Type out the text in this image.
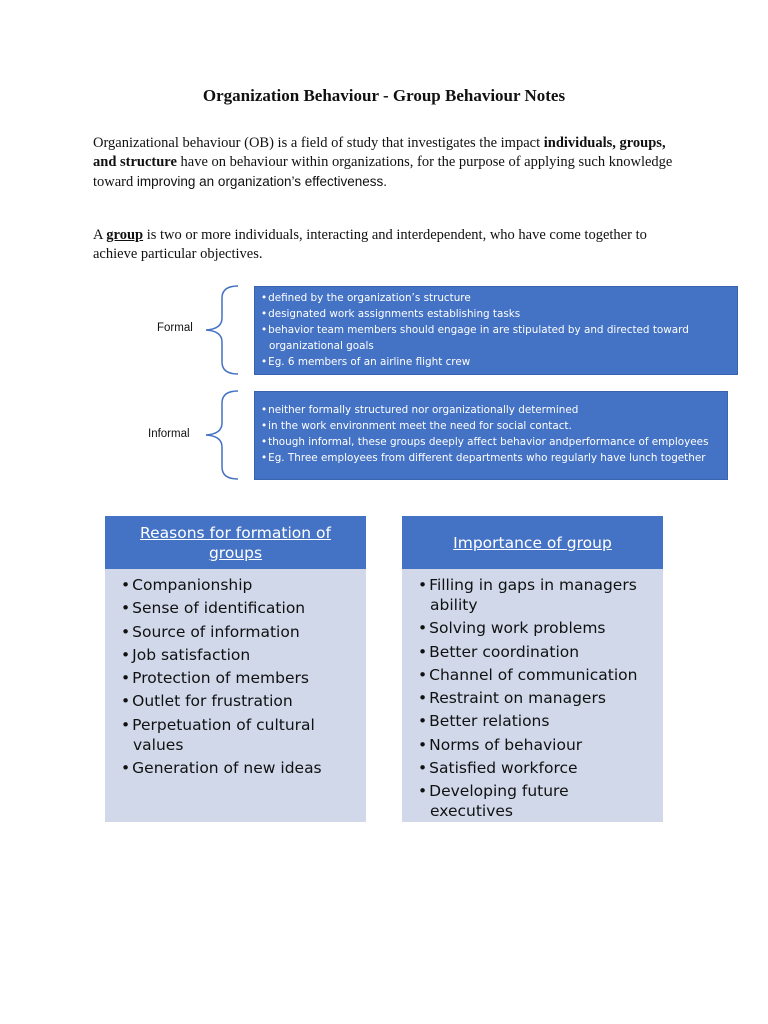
Organization Behaviour - Group Behaviour Notes
Organizational behaviour (OB) is a field of study that investigates the impact individuals, groups, and structure have on behaviour within organizations, for the purpose of applying such knowledge toward improving an organization’s effectiveness.
A group is two or more individuals, interacting and interdependent, who have come together to achieve particular objectives.
Formal
• defined by the organization’s structure
• designated work assignments establishing tasks
• behavior team members should engage in are stipulated by and directed toward organizational goals
• Eg. 6 members of an airline flight crew
Informal
• neither formally structured nor organizationally determined
• in the work environment meet the need for social contact.
• though informal, these groups deeply affect behavior andperformance of employees
• Eg. Three employees from different departments who regularly have lunch together
Reasons for formation of groups
• Companionship
• Sense of identification
• Source of information
• Job satisfaction
• Protection of members
• Outlet for frustration
• Perpetuation of cultural values
• Generation of new ideas
Importance of group
• Filling in gaps in managers ability
• Solving work problems
• Better coordination
• Channel of communication
• Restraint on managers
• Better relations
• Norms of behaviour
• Satisfied workforce
• Developing future executives
